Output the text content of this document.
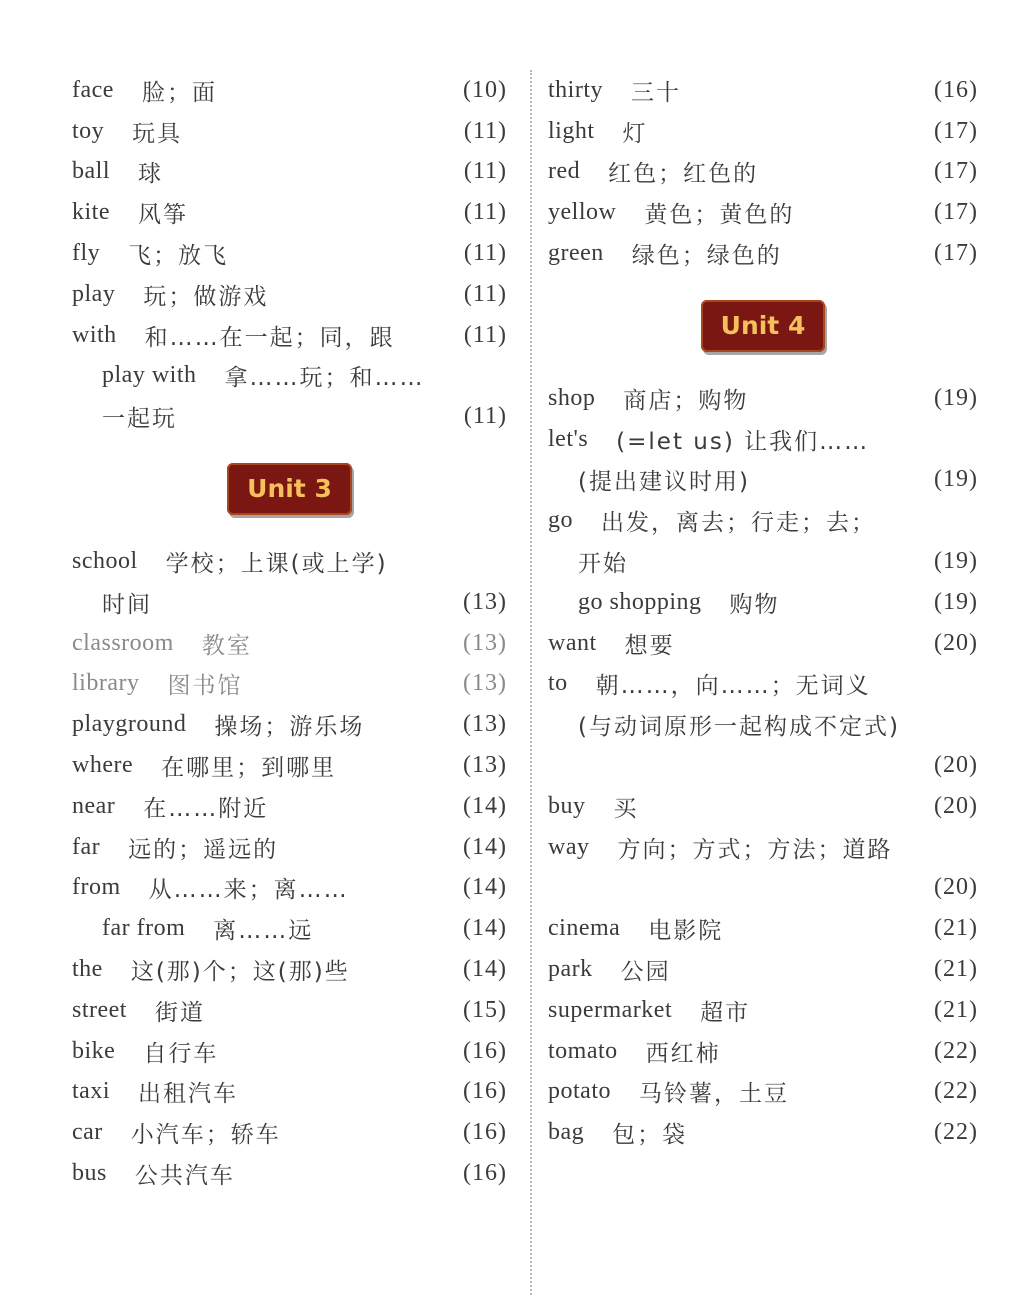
face 脸；面	(10)
toy 玩具	(11)
ball 球	(11)
kite 风筝	(11)
fly 飞；放飞	(11)
play 玩；做游戏	(11)
with 和……在一起；同，跟	(11)
play with 拿……玩；和……
一起玩	(11)
Unit 3
school 学校；上课(或上学)
时间	(13)
classroom 教室	(13)
library 图书馆	(13)
playground 操场；游乐场	(13)
where 在哪里；到哪里	(13)
near 在……附近	(14)
far 远的；遥远的	(14)
from 从……来；离……	(14)
far from 离……远	(14)
the 这(那)个；这(那)些	(14)
street 街道	(15)
bike 自行车	(16)
taxi 出租汽车	(16)
car 小汽车；轿车	(16)
bus 公共汽车	(16)
thirty 三十	(16)
light 灯	(17)
red 红色；红色的	(17)
yellow 黄色；黄色的	(17)
green 绿色；绿色的	(17)
Unit 4
shop 商店；购物	(19)
let's (=let us) 让我们……
(提出建议时用)	(19)
go 出发，离去；行走；去；
开始	(19)
go shopping 购物	(19)
want 想要	(20)
to 朝……，向……；无词义
(与动词原形一起构成不定式)
(20)
buy 买	(20)
way 方向；方式；方法；道路
(20)
cinema 电影院	(21)
park 公园	(21)
supermarket 超市	(21)
tomato 西红柿	(22)
potato 马铃薯，土豆	(22)
bag 包；袋	(22)
